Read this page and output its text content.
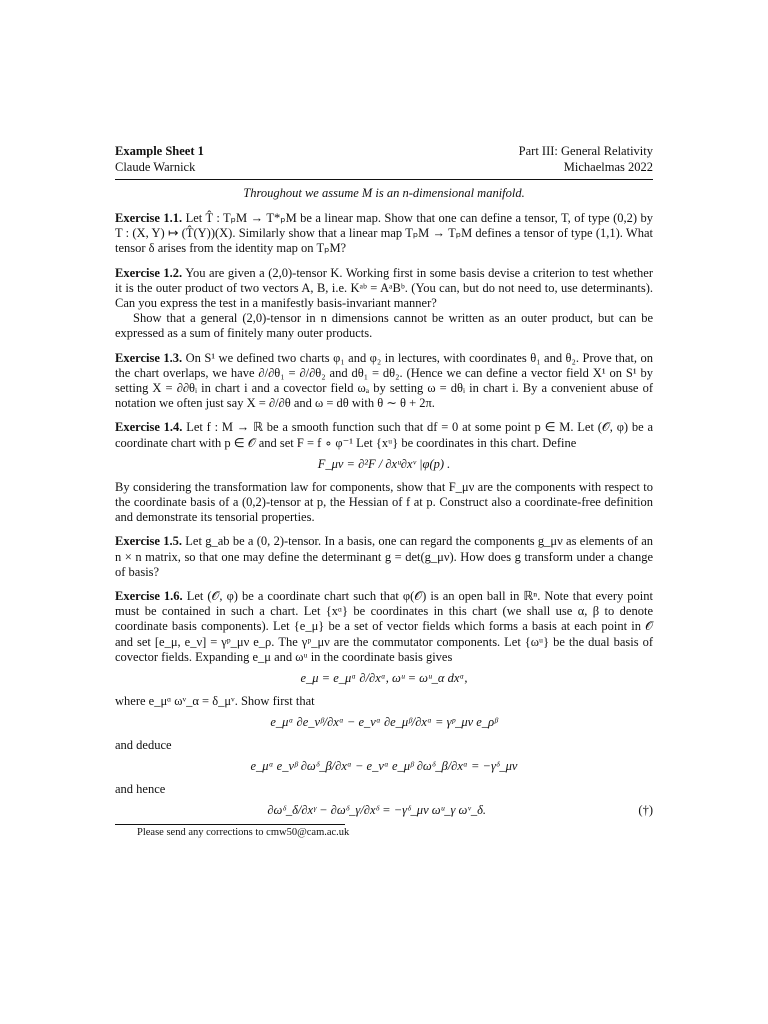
Example Sheet 1
Claude Warnick
Part III: General Relativity
Michaelmas 2022

Throughout we assume M is an n-dimensional manifold.

Exercise 1.1. Let T̂ : TₚM → T*ₚM be a linear map. Show that one can define a tensor, T, of type (0,2) by T : (X, Y) ↦ (T̂(Y))(X). Similarly show that a linear map TₚM → TₚM defines a tensor of type (1,1). What tensor δ arises from the identity map on TₚM?

Exercise 1.2. You are given a (2,0)-tensor K. Working first in some basis devise a criterion to test whether it is the outer product of two vectors A, B, i.e. Kᵃᵇ = AᵃBᵇ. (You can, but do not need to, use determinants). Can you express the test in a manifestly basis-invariant manner?

Show that a general (2,0)-tensor in n dimensions cannot be written as an outer product, but can be expressed as a sum of finitely many outer products.

Exercise 1.3. On S¹ we defined two charts φ₁ and φ₂ in lectures, with coordinates θ₁ and θ₂. Prove that, on the chart overlaps, we have ∂/∂θ₁ = ∂/∂θ₂ and dθ₁ = dθ₂. (Hence we can define a vector field X¹ on S¹ by setting X = ∂∂θᵢ in chart i and a covector field ωₐ by setting ω = dθᵢ in chart i. By a convenient abuse of notation we often just say X = ∂/∂θ and ω = dθ with θ ∼ θ + 2π.

Exercise 1.4. Let f : M → ℝ be a smooth function such that df = 0 at some point p ∈ M. Let (𝒪, φ) be a coordinate chart with p ∈ 𝒪 and set F = f ∘ φ⁻¹ Let {xᵘ} be coordinates in this chart. Define

F_μν = ∂²F / ∂xᵘ∂xᵛ |φ(p) .

By considering the transformation law for components, show that F_μν are the components with respect to the coordinate basis of a (0,2)-tensor at p, the Hessian of f at p. Construct also a coordinate-free definition and demonstrate its tensorial properties.

Exercise 1.5. Let g_ab be a (0, 2)-tensor. In a basis, one can regard the components g_μν as elements of an n × n matrix, so that one may define the determinant g = det(g_μν). How does g transform under a change of basis?

Exercise 1.6. Let (𝒪, φ) be a coordinate chart such that φ(𝒪) is an open ball in ℝⁿ. Note that every point must be contained in such a chart. Let {xᵅ} be coordinates in this chart (we shall use α, β to denote coordinate basis components). Let {e_μ} be a set of vector fields which forms a basis at each point in 𝒪 and set [e_μ, e_ν] = γᵖ_μν e_ρ. The γᵖ_μν are the commutator components. Let {ωᵘ} be the dual basis of covector fields. Expanding e_μ and ωᵘ in the coordinate basis gives

e_μ = e_μᵅ ∂/∂xᵅ, ωᵘ = ωᵘ_α dxᵅ,
where e_μᵅ ωᵛ_α = δ_μᵛ. Show first that
e_μᵅ ∂e_νᵝ/∂xᵅ − e_νᵅ ∂e_μᵝ/∂xᵅ = γᵖ_μν e_ρᵝ
and deduce
e_μᵅ e_νᵝ ∂ωᵟ_β/∂xᵅ − e_νᵅ e_μᵝ ∂ωᵟ_β/∂xᵅ = −γᵟ_μν
and hence
∂ωᵟ_δ/∂xᵞ − ∂ωᵟ_γ/∂xᵟ = −γᵟ_μν ωᵘ_γ ωᵛ_δ.	(†)
Please send any corrections to cmw50@cam.ac.uk
